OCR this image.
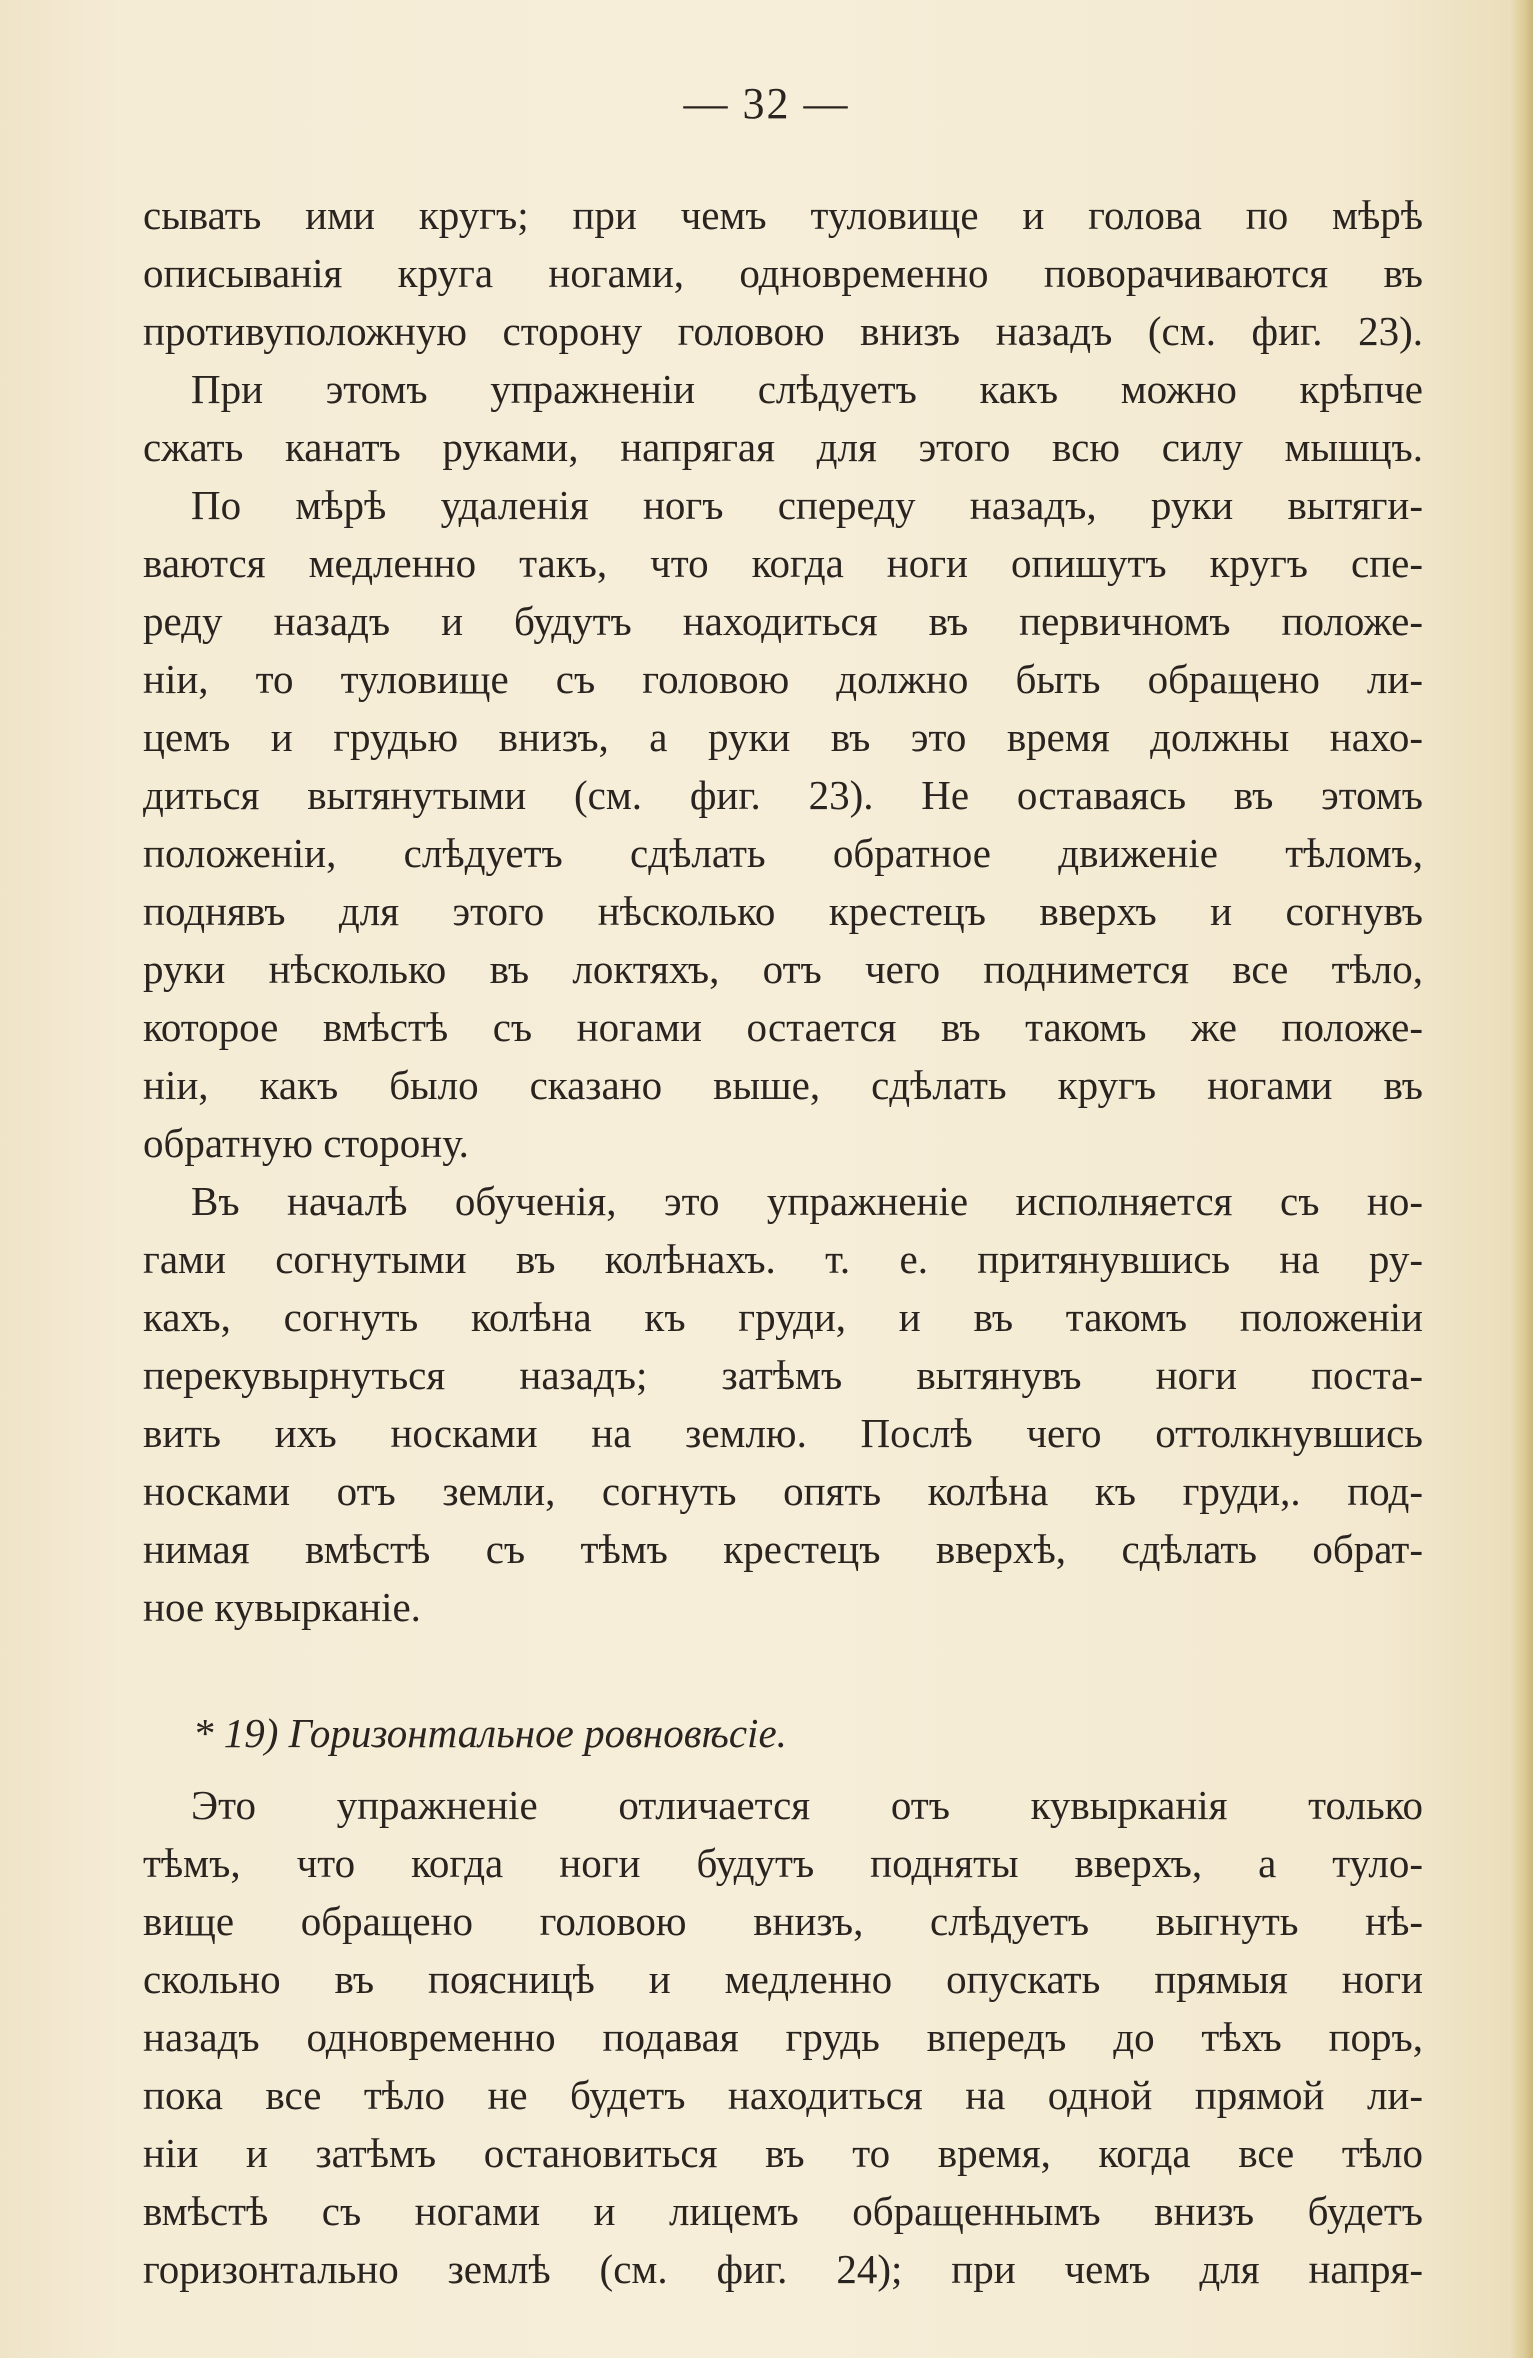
— 32 —
сывать ими кругъ; при чемъ туловище и голова по мѣрѣ
описыванія круга ногами, одновременно поворачиваются въ
противуположную сторону головою внизъ назадъ (см. фиг. 23).
При этомъ упражненіи слѣдуетъ какъ можно крѣпче
сжать канатъ руками, напрягая для этого всю силу мышцъ.
По мѣрѣ удаленія ногъ спереду назадъ, руки вытяги-
ваются медленно такъ, что когда ноги опишутъ кругъ спе-
реду назадъ и будутъ находиться въ первичномъ положе-
ніи, то туловище съ головою должно быть обращено ли-
цемъ и грудью внизъ, а руки въ это время должны нахо-
диться вытянутыми (см. фиг. 23). Не оставаясь въ этомъ
положеніи, слѣдуетъ сдѣлать обратное движеніе тѣломъ,
поднявъ для этого нѣсколько крестецъ вверхъ и согнувъ
руки нѣсколько въ локтяхъ, отъ чего поднимется все тѣло,
которое вмѣстѣ съ ногами остается въ такомъ же положе-
ніи, какъ было сказано выше, сдѣлать кругъ ногами въ
обратную сторону.
Въ началѣ обученія, это упражненіе исполняется съ но-
гами согнутыми въ колѣнахъ. т. е. притянувшись на ру-
кахъ, согнуть колѣна къ груди, и въ такомъ положеніи
перекувырнуться назадъ; затѣмъ вытянувъ ноги поста-
вить ихъ носками на землю. Послѣ чего оттолкнувшись
носками отъ земли, согнуть опять колѣна къ груди,. под-
нимая вмѣстѣ съ тѣмъ крестецъ вверхѣ, сдѣлать обрат-
ное кувырканіе.
* 19) Горизонтальное ровновѣсіе.
Это упражненіе отличается отъ кувырканія только
тѣмъ, что когда ноги будутъ подняты вверхъ, а туло-
вище обращено головою внизъ, слѣдуетъ выгнуть нѣ-
скольно въ поясницѣ и медленно опускать прямыя ноги
назадъ одновременно подавая грудь впередъ до тѣхъ поръ,
пока все тѣло не будетъ находиться на одной прямой ли-
ніи и затѣмъ остановиться въ то время, когда все тѣло
вмѣстѣ съ ногами и лицемъ обращеннымъ внизъ будетъ
горизонтально землѣ (см. фиг. 24); при чемъ для напря-
